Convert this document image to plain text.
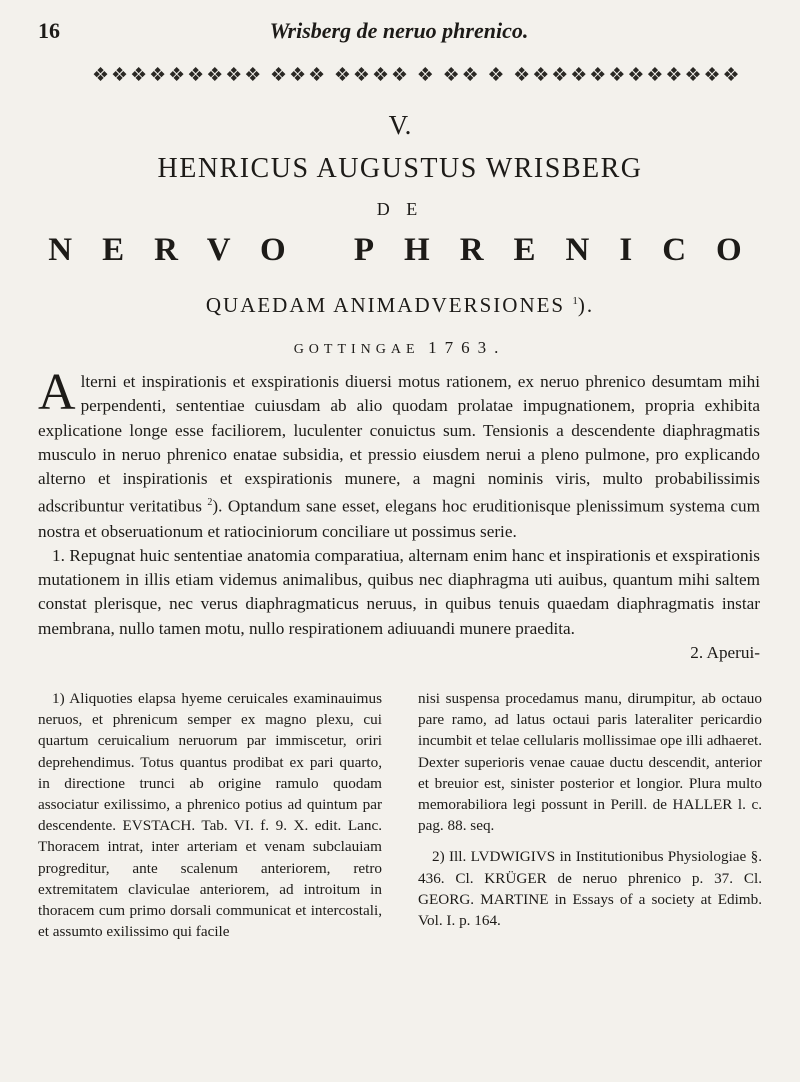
16	Wrisberg de neruo phrenico.
❖❖❖❖❖❖❖❖❖ ❖❖❖ ❖❖❖❖ ❖ ❖❖ ❖ ❖❖❖❖❖❖❖❖❖❖❖❖
V.
HENRICUS AUGUSTUS WRISBERG
D E
NERVO PHRENICO
QUAEDAM ANIMADVERSIONES $^1$).
GOTTINGAE 1763.

Alterni et inspirationis et exspirationis diuersi motus rationem, ex neruo phrenico desumtam mihi perpendenti, sententiae cuiusdam ab alio quodam prolatae impugnationem, propria exhibita explicatione longe esse faciliorem, luculenter conuictus sum. Tensionis a descendente diaphragmatis musculo in neruo phrenico enatae subsidia, et pressio eiusdem nerui a pleno pulmone, pro explicando alterno et inspirationis et exspirationis munere, a magni nominis viris, multo probabilissimis adscribuntur veritatibus $^2$). Optandum sane esset, elegans hoc eruditionisque plenissimum systema cum nostra et obseruationum et ratiociniorum conciliare ut possimus serie.

1. Repugnat huic sententiae anatomia comparatiua, alternam enim hanc et inspirationis et exspirationis mutationem in illis etiam videmus animalibus, quibus nec diaphragma uti auibus, quantum mihi saltem constat plerisque, nec verus diaphragmaticus neruus, in quibus tenuis quaedam diaphragmatis instar membrana, nullo tamen motu, nullo respirationem adiuuandi munere praedita.

2. Aperui-

1) Aliquoties elapsa hyeme ceruicales examinauimus neruos, et phrenicum semper ex magno plexu, cui quartum ceruicalium neruorum par immiscetur, oriri deprehendimus. Totus quantus prodibat ex pari quarto, in directione trunci ab origine ramulo quodam associatur exilissimo, a phrenico potius ad quintum par descendente. EVSTACH. Tab. VI. f. 9. X. edit. Lanc. Thoracem intrat, inter arteriam et venam subclauiam progreditur, ante scalenum anteriorem, retro extremitatem claviculae anteriorem, ad introitum in thoracem cum primo dorsali communicat et intercostali, et assumto exilissimo qui facile

nisi suspensa procedamus manu, dirumpitur, ab octauo pare ramo, ad latus octaui paris lateraliter pericardio incumbit et telae cellularis mollissimae ope illi adhaeret. Dexter superioris venae cauae ductu descendit, anterior et breuior est, sinister posterior et longior. Plura multo memorabiliora legi possunt in Perill. de HALLER l. c. pag. 88. seq.

2) Ill. LVDWIGIVS in Institutionibus Physiologiae §. 436. Cl. KRÜGER de neruo phrenico p. 37. Cl. GEORG. MARTINE in Essays of a society at Edimb. Vol. I. p. 164.
